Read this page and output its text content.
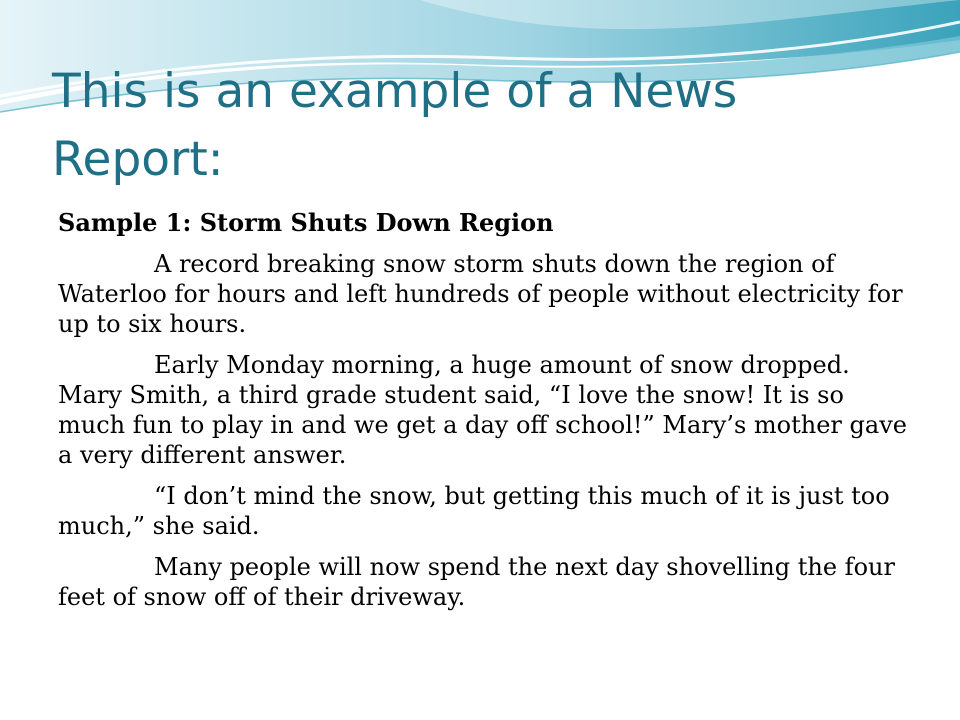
This is an example of a News Report:

Sample 1: Storm Shuts Down Region

A record breaking snow storm shuts down the region of Waterloo for hours and left hundreds of people without electricity for up to six hours.

Early Monday morning, a huge amount of snow dropped. Mary Smith, a third grade student said, “I love the snow! It is so much fun to play in and we get a day off school!” Mary’s mother gave a very different answer.

“I don’t mind the snow, but getting this much of it is just too much,” she said.

Many people will now spend the next day shovelling the four feet of snow off of their driveway.
